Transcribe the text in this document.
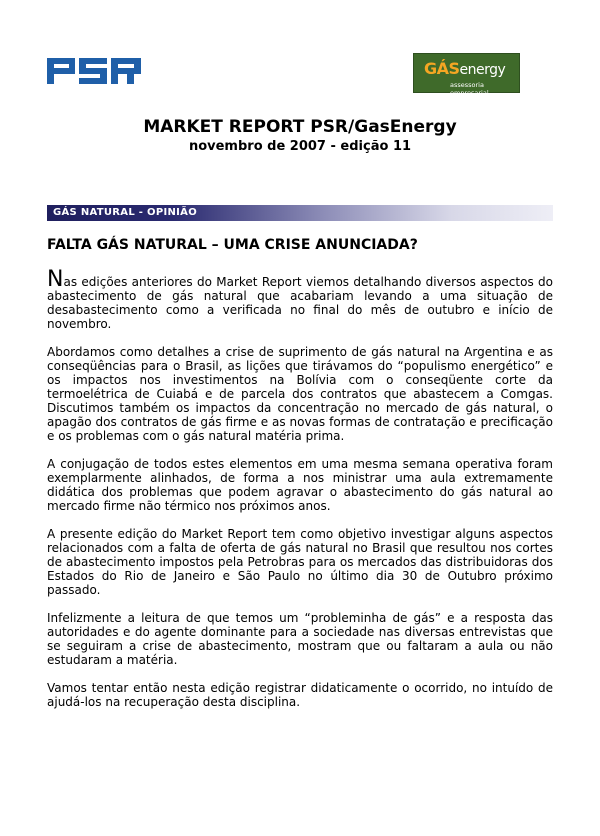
GÁSenergy
assessoria empresarial
MARKET REPORT PSR/GasEnergy
novembro de 2007 - edição 11
GÁS NATURAL - OPINIÃO
FALTA GÁS NATURAL – UMA CRISE ANUNCIADA?

Nas edições anteriores do Market Report viemos detalhando diversos aspectos do abastecimento de gás natural que acabariam levando a uma situação de desabastecimento como a verificada no final do mês de outubro e início de novembro.

Abordamos como detalhes a crise de suprimento de gás natural na Argentina e as conseqüências para o Brasil, as lições que tirávamos do “populismo energético” e os impactos nos investimentos na Bolívia com o conseqüente corte da termoelétrica de Cuiabá e de parcela dos contratos que abastecem a Comgas. Discutimos também os impactos da concentração no mercado de gás natural, o apagão dos contratos de gás firme e as novas formas de contratação e precificação e os problemas com o gás natural matéria prima.

A conjugação de todos estes elementos em uma mesma semana operativa foram exemplarmente alinhados, de forma a nos ministrar uma aula extremamente didática dos problemas que podem agravar o abastecimento do gás natural ao mercado firme não térmico nos próximos anos.

A presente edição do Market Report tem como objetivo investigar alguns aspectos relacionados com a falta de oferta de gás natural no Brasil que resultou nos cortes de abastecimento impostos pela Petrobras para os mercados das distribuidoras dos Estados do Rio de Janeiro e São Paulo no último dia 30 de Outubro próximo passado.

Infelizmente a leitura de que temos um “probleminha de gás” e a resposta das autoridades e do agente dominante para a sociedade nas diversas entrevistas que se seguiram a crise de abastecimento, mostram que ou faltaram a aula ou não estudaram a matéria.

Vamos tentar então nesta edição registrar didaticamente o ocorrido, no intuído de ajudá-los na recuperação desta disciplina.
